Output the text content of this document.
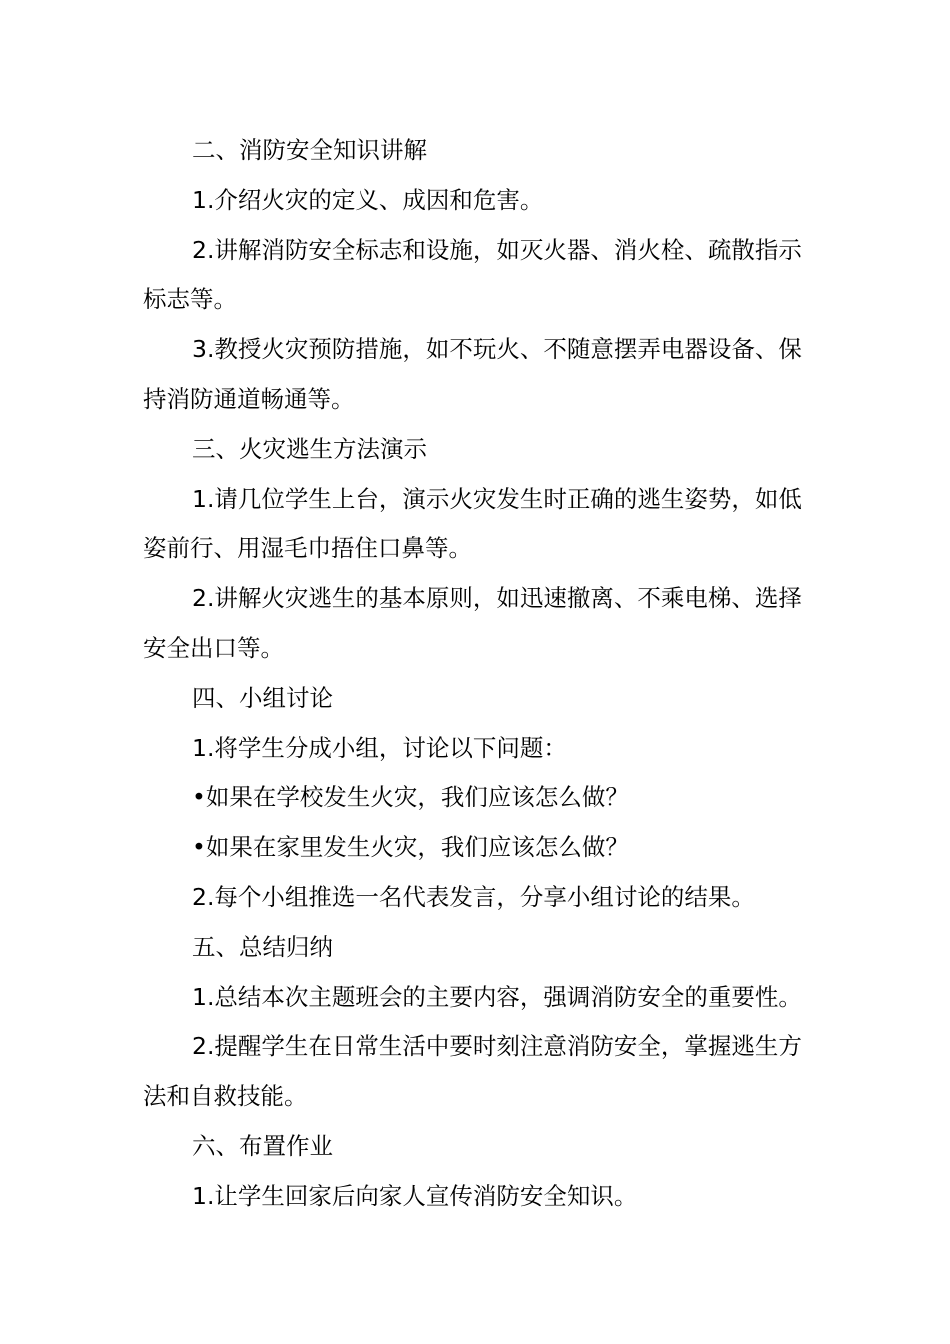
二、消防安全知识讲解

1.介绍火灾的定义、成因和危害。

2.讲解消防安全标志和设施，如灭火器、消火栓、疏散指示标志等。

3.教授火灾预防措施，如不玩火、不随意摆弄电器设备、保持消防通道畅通等。

三、火灾逃生方法演示

1.请几位学生上台，演示火灾发生时正确的逃生姿势，如低姿前行、用湿毛巾捂住口鼻等。

2.讲解火灾逃生的基本原则，如迅速撤离、不乘电梯、选择安全出口等。

四、小组讨论

1.将学生分成小组，讨论以下问题：

•如果在学校发生火灾，我们应该怎么做？

•如果在家里发生火灾，我们应该怎么做？

2.每个小组推选一名代表发言，分享小组讨论的结果。

五、总结归纳

1.总结本次主题班会的主要内容，强调消防安全的重要性。

2.提醒学生在日常生活中要时刻注意消防安全，掌握逃生方法和自救技能。

六、布置作业

1.让学生回家后向家人宣传消防安全知识。
